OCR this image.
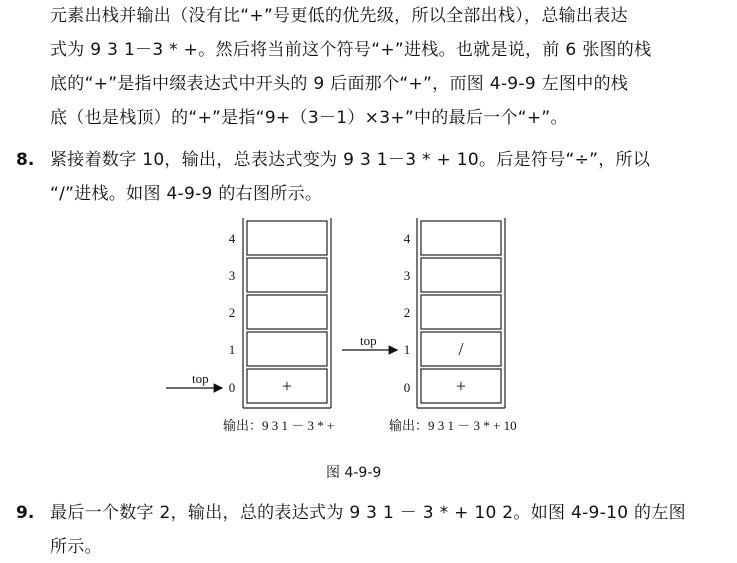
元素出栈并输出（没有比“+”号更低的优先级，所以全部出栈），总输出表达
式为 9 3 1－3 * +。然后将当前这个符号“+”进栈。也就是说，前 6 张图的栈
底的“+”是指中缀表达式中开头的 9 后面那个“+”，而图 4-9-9 左图中的栈
底（也是栈顶）的“+”是指“9+（3－1）×3+”中的最后一个“+”。
8. 紧接着数字 10，输出，总表达式变为 9 3 1－3 * + 10。后是符号“÷”，所以
“/”进栈。如图 4-9-9 的右图所示。
+
4
3
2
1
0
top
输出：9 3 1 － 3 * +
/
+
4
3
2
1
0
top
输出：9 3 1 － 3 * + 10
图 4-9-9
9. 最后一个数字 2，输出，总的表达式为 9 3 1 － 3 * + 10 2。如图 4-9-10 的左图
所示。
